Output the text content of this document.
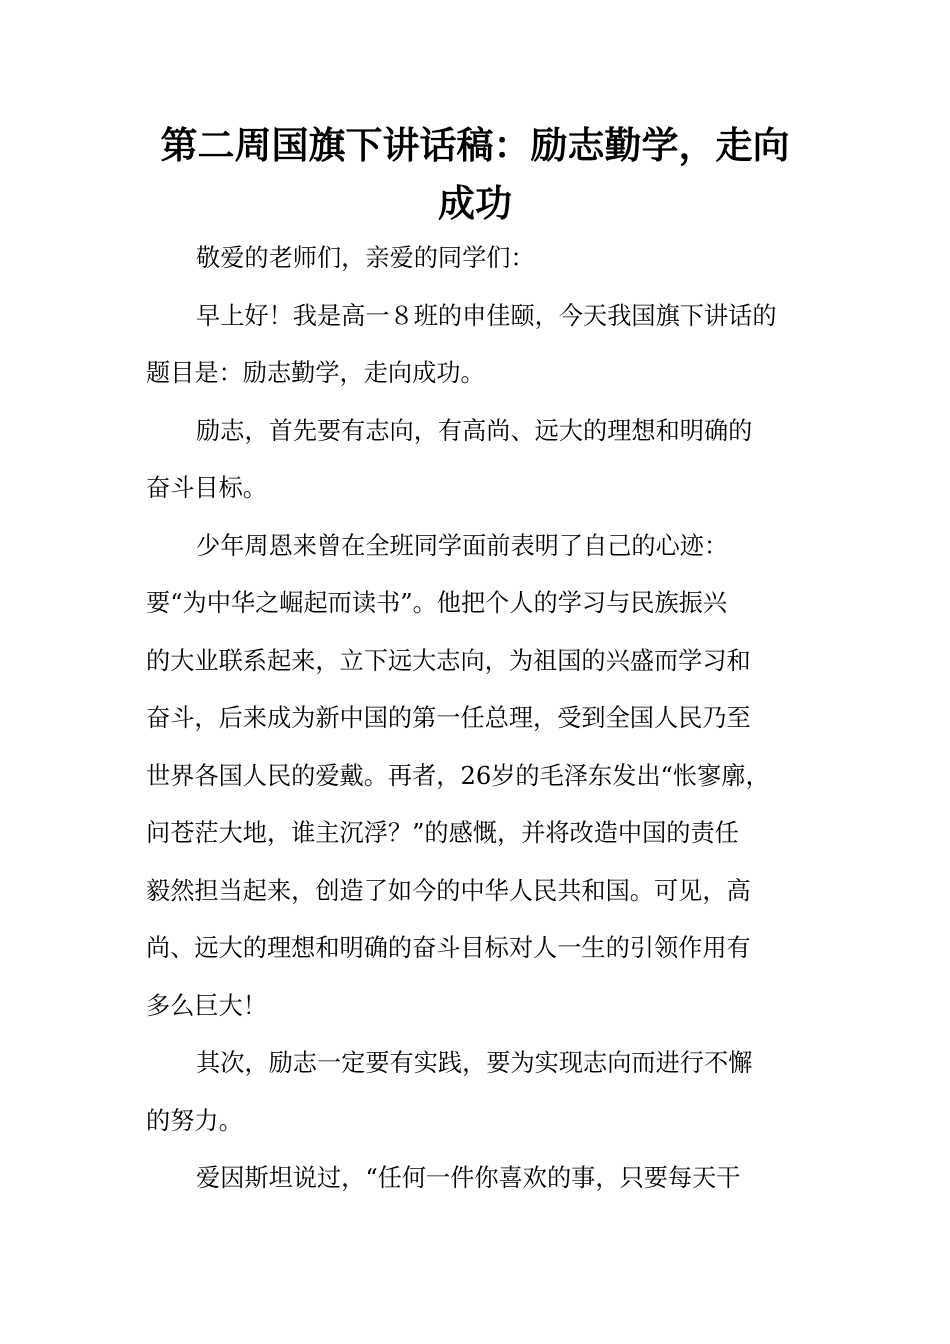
第二周国旗下讲话稿：励志勤学，走向
成功
敬爱的老师们，亲爱的同学们：
早上好！我是高一８班的申佳颐，今天我国旗下讲话的
题目是：励志勤学，走向成功。
励志，首先要有志向，有高尚、远大的理想和明确的
奋斗目标。
少年周恩来曾在全班同学面前表明了自己的心迹：
要“为中华之崛起而读书”。他把个人的学习与民族振兴
的大业联系起来，立下远大志向，为祖国的兴盛而学习和
奋斗，后来成为新中国的第一任总理，受到全国人民乃至
世界各国人民的爱戴。再者，26岁的毛泽东发出“怅寥廓，
问苍茫大地，谁主沉浮？”的感慨，并将改造中国的责任
毅然担当起来，创造了如今的中华人民共和国。可见，高
尚、远大的理想和明确的奋斗目标对人一生的引领作用有
多么巨大！
其次，励志一定要有实践，要为实现志向而进行不懈
的努力。
爱因斯坦说过，“任何一件你喜欢的事，只要每天干
